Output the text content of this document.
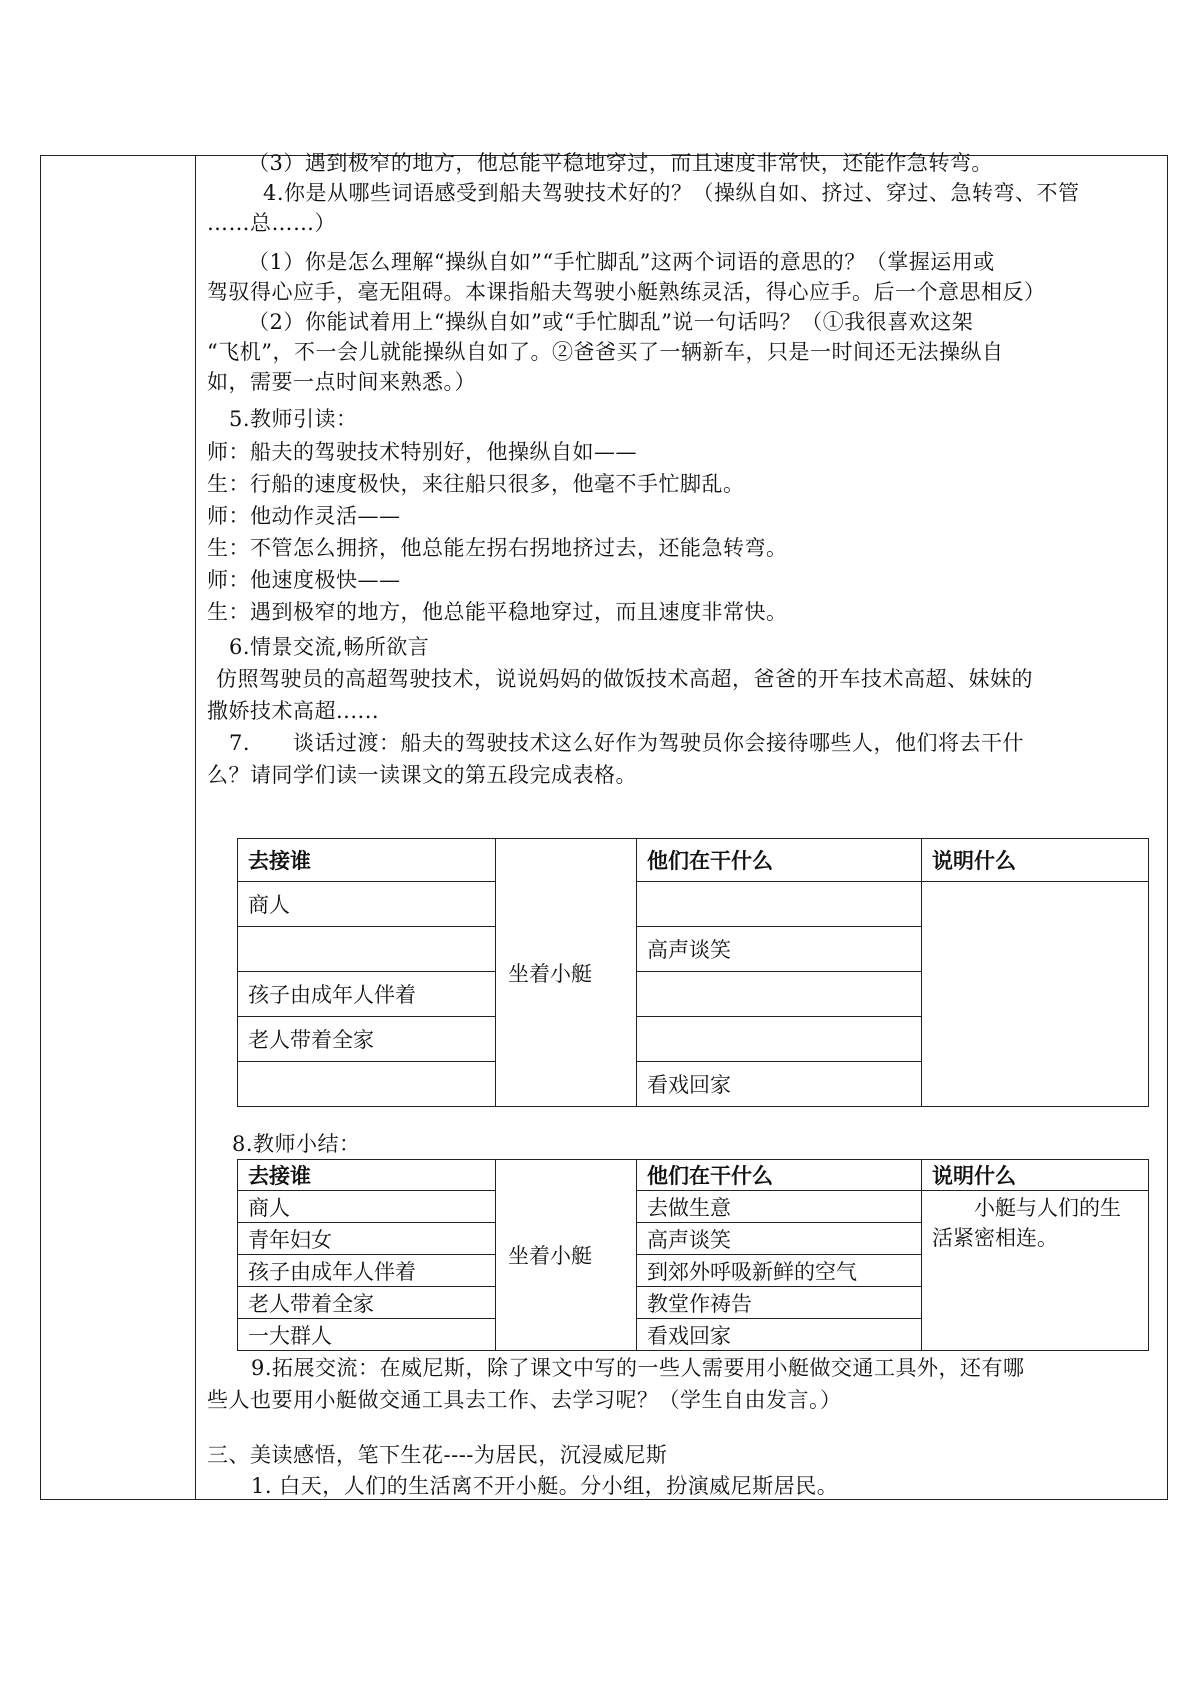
（3）遇到极窄的地方，他总能平稳地穿过，而且速度非常快，还能作急转弯。
4.你是从哪些词语感受到船夫驾驶技术好的？（操纵自如、挤过、穿过、急转弯、不管
……总……）
（1）你是怎么理解“操纵自如”“手忙脚乱”这两个词语的意思的？（掌握运用或
驾驭得心应手，毫无阻碍。本课指船夫驾驶小艇熟练灵活，得心应手。后一个意思相反）
（2）你能试着用上“操纵自如”或“手忙脚乱”说一句话吗？（①我很喜欢这架
“飞机”，不一会儿就能操纵自如了。②爸爸买了一辆新车，只是一时间还无法操纵自
如，需要一点时间来熟悉。）
5.教师引读：
师：船夫的驾驶技术特别好，他操纵自如——
生：行船的速度极快，来往船只很多，他毫不手忙脚乱。
师：他动作灵活——
生：不管怎么拥挤，他总能左拐右拐地挤过去，还能急转弯。
师：他速度极快——
生：遇到极窄的地方，他总能平稳地穿过，而且速度非常快。
6.情景交流,畅所欲言
仿照驾驶员的高超驾驶技术，说说妈妈的做饭技术高超，爸爸的开车技术高超、妹妹的
撒娇技术高超......
7.　　谈话过渡：船夫的驾驶技术这么好作为驾驶员你会接待哪些人，他们将去干什
么？请同学们读一读课文的第五段完成表格。
去接谁	坐着小艇	他们在干什么	说明什么
商人			
		高声谈笑	
孩子由成年人伴着			
老人带着全家			
		看戏回家	
8.教师小结：
去接谁	坐着小艇	他们在干什么	说明什么
商人		去做生意	　　小艇与人们的生活紧密相连。
青年妇女		高声谈笑	
孩子由成年人伴着		到郊外呼吸新鲜的空气	
老人带着全家		教堂作祷告	
一大群人		看戏回家	
9.拓展交流：在威尼斯，除了课文中写的一些人需要用小艇做交通工具外，还有哪
些人也要用小艇做交通工具去工作、去学习呢？（学生自由发言。）
三、美读感悟，笔下生花----为居民，沉浸威尼斯
1. 白天，人们的生活离不开小艇。分小组，扮演威尼斯居民。
